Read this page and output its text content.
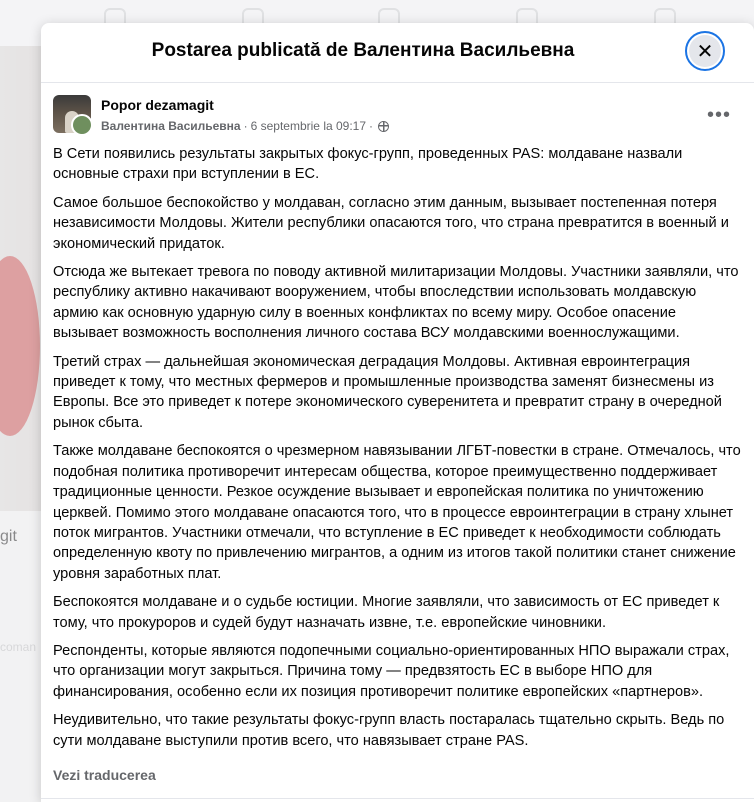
Postarea publicată de Валентина Васильевна	✕
Popor dezamagit
Валентина Васильевна · 6 septembrie la 09:17 ·
•••

В Сети появились результаты закрытых фокус-групп, проведенных PAS: молдаване назвали основные страхи при вступлении в ЕС.

Самое большое беспокойство у молдаван, согласно этим данным, вызывает постепенная потеря независимости Молдовы. Жители республики опасаются того, что страна превратится в военный и экономический придаток.

Отсюда же вытекает тревога по поводу активной милитаризации Молдовы. Участники заявляли, что республику активно накачивают вооружением, чтобы впоследствии использовать молдавскую армию как основную ударную силу в военных конфликтах по всему миру. Особое опасение вызывает возможность восполнения личного состава ВСУ молдавскими военнослужащими.

Третий страх — дальнейшая экономическая деградация Молдовы. Активная евроинтеграция приведет к тому, что местных фермеров и промышленные производства заменят бизнесмены из Европы. Все это приведет к потере экономического суверенитета и превратит страну в очередной рынок сбыта.

Также молдаване беспокоятся о чрезмерном навязывании ЛГБТ-повестки в стране. Отмечалось, что подобная политика противоречит интересам общества, которое преимущественно поддерживает традиционные ценности. Резкое осуждение вызывает и европейская политика по уничтожению церквей. Помимо этого молдаване опасаются того, что в процессе евроинтеграции в страну хлынет поток мигрантов. Участники отмечали, что вступление в ЕС приведет к необходимости соблюдать определенную квоту по привлечению мигрантов, а одним из итогов такой политики станет снижение уровня заработных плат.

Беспокоятся молдаване и о судьбе юстиции. Многие заявляли, что зависимость от ЕС приведет к тому, что прокуроров и судей будут назначать извне, т.е. европейские чиновники.

Респонденты, которые являются подопечными социально-ориентированных НПО выражали страх, что организации могут закрыться. Причина тому — предвзятость ЕС в выборе НПО для финансирования, особенно если их позиция противоречит политике европейских «партнеров».

Неудивительно, что такие результаты фокус-групп власть постаралась тщательно скрыть. Ведь по сути молдаване выступили против всего, что навязывает стране PAS.

Vezi traducerea
